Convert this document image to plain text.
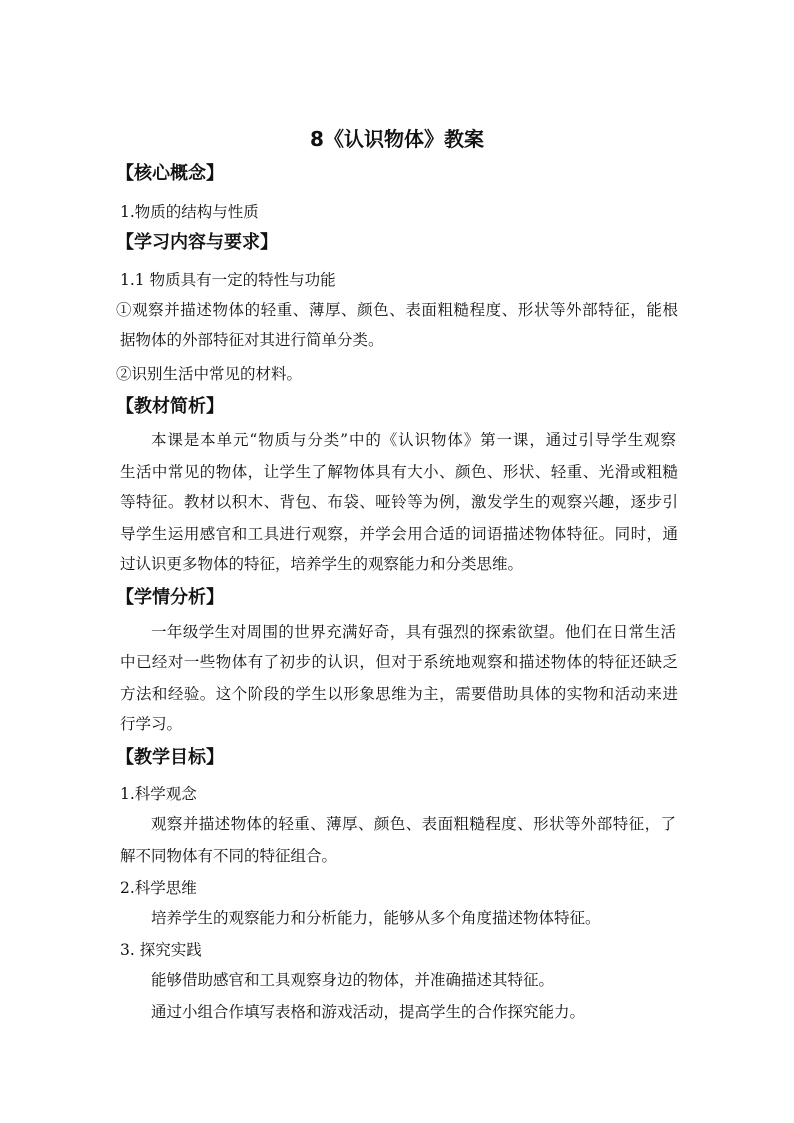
8《认识物体》教案
【核心概念】
1.物质的结构与性质
【学习内容与要求】
1.1 物质具有一定的特性与功能
①观察并描述物体的轻重、薄厚、颜色、表面粗糙程度、形状等外部特征，能根
据物体的外部特征对其进行简单分类。
②识别生活中常见的材料。
【教材简析】
本课是本单元“物质与分类”中的《认识物体》第一课，通过引导学生观察
生活中常见的物体，让学生了解物体具有大小、颜色、形状、轻重、光滑或粗糙
等特征。教材以积木、背包、布袋、哑铃等为例，激发学生的观察兴趣，逐步引
导学生运用感官和工具进行观察，并学会用合适的词语描述物体特征。同时，通
过认识更多物体的特征，培养学生的观察能力和分类思维。
【学情分析】
一年级学生对周围的世界充满好奇，具有强烈的探索欲望。他们在日常生活
中已经对一些物体有了初步的认识，但对于系统地观察和描述物体的特征还缺乏
方法和经验。这个阶段的学生以形象思维为主，需要借助具体的实物和活动来进
行学习。
【教学目标】
1.科学观念
观察并描述物体的轻重、薄厚、颜色、表面粗糙程度、形状等外部特征，了
解不同物体有不同的特征组合。
2.科学思维
培养学生的观察能力和分析能力，能够从多个角度描述物体特征。
3. 探究实践
能够借助感官和工具观察身边的物体，并准确描述其特征。
通过小组合作填写表格和游戏活动，提高学生的合作探究能力。
